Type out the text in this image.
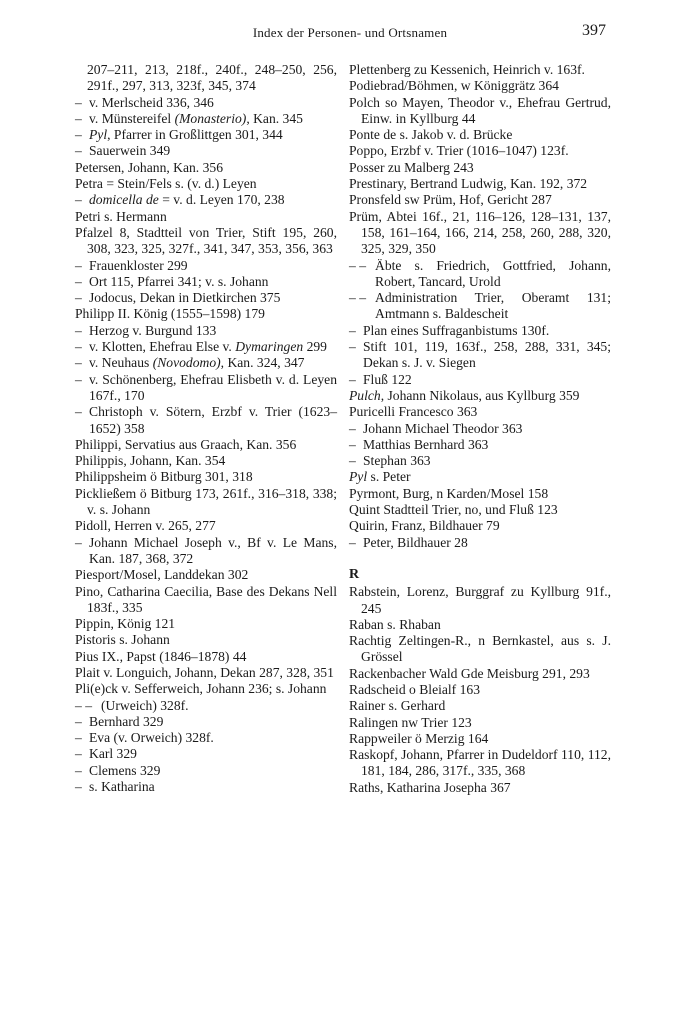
Index der Personen- und Ortsnamen	397
207–211, 213, 218f., 240f., 248–250, 256, 291f., 297, 313, 323f, 345, 374
– v. Merlscheid 336, 346
– v. Münstereifel (Monasterio), Kan. 345
– Pyl, Pfarrer in Großlittgen 301, 344
– Sauerwein 349
Petersen, Johann, Kan. 356
Petra = Stein/Fels s. (v. d.) Leyen
– domicella de = v. d. Leyen 170, 238
Petri s. Hermann
Pfalzel 8, Stadtteil von Trier, Stift 195, 260, 308, 323, 325, 327f., 341, 347, 353, 356, 363
– Frauenkloster 299
– Ort 115, Pfarrei 341; v. s. Johann
– Jodocus, Dekan in Dietkirchen 375
Philipp II. König (1555–1598) 179
– Herzog v. Burgund 133
– v. Klotten, Ehefrau Else v. Dymaringen 299
– v. Neuhaus (Novodomo), Kan. 324, 347
– v. Schönenberg, Ehefrau Elisbeth v. d. Leyen 167f., 170
– Christoph v. Sötern, Erzbf v. Trier (1623–1652) 358
Philippi, Servatius aus Graach, Kan. 356
Philippis, Johann, Kan. 354
Philippsheim ö Bitburg 301, 318
Pickließem ö Bitburg 173, 261f., 316–318, 338; v. s. Johann
Pidoll, Herren v. 265, 277
– Johann Michael Joseph v., Bf v. Le Mans, Kan. 187, 368, 372
Piesport/Mosel, Landdekan 302
Pino, Catharina Caecilia, Base des Dekans Nell 183f., 335
Pippin, König 121
Pistoris s. Johann
Pius IX., Papst (1846–1878) 44
Plait v. Longuich, Johann, Dekan 287, 328, 351
Pli(e)ck v. Sefferweich, Johann 236; s. Johann
– – (Urweich) 328f.
– Bernhard 329
– Eva (v. Orweich) 328f.
– Karl 329
– Clemens 329
– s. Katharina
Plettenberg zu Kessenich, Heinrich v. 163f.
Podiebrad/Böhmen, w Königgrätz 364
Polch so Mayen, Theodor v., Ehefrau Gertrud, Einw. in Kyllburg 44
Ponte de s. Jakob v. d. Brücke
Poppo, Erzbf v. Trier (1016–1047) 123f.
Posser zu Malberg 243
Prestinary, Bertrand Ludwig, Kan. 192, 372
Pronsfeld sw Prüm, Hof, Gericht 287
Prüm, Abtei 16f., 21, 116–126, 128–131, 137, 158, 161–164, 166, 214, 258, 260, 288, 320, 325, 329, 350
– – Äbte s. Friedrich, Gottfried, Johann, Robert, Tancard, Urold
– – Administration Trier, Oberamt 131; Amtmann s. Baldescheit
– Plan eines Suffraganbistums 130f.
– Stift 101, 119, 163f., 258, 288, 331, 345; Dekan s. J. v. Siegen
– Fluß 122
Pulch, Johann Nikolaus, aus Kyllburg 359
Puricelli Francesco 363
– Johann Michael Theodor 363
– Matthias Bernhard 363
– Stephan 363
Pyl s. Peter
Pyrmont, Burg, n Karden/Mosel 158
Quint Stadtteil Trier, no, und Fluß 123
Quirin, Franz, Bildhauer 79
– Peter, Bildhauer 28
R
Rabstein, Lorenz, Burggraf zu Kyllburg 91f., 245
Raban s. Rhaban
Rachtig Zeltingen-R., n Bernkastel, aus s. J. Grössel
Rackenbacher Wald Gde Meisburg 291, 293
Radscheid o Bleialf 163
Rainer s. Gerhard
Ralingen nw Trier 123
Rappweiler ö Merzig 164
Raskopf, Johann, Pfarrer in Dudeldorf 110, 112, 181, 184, 286, 317f., 335, 368
Raths, Katharina Josepha 367
